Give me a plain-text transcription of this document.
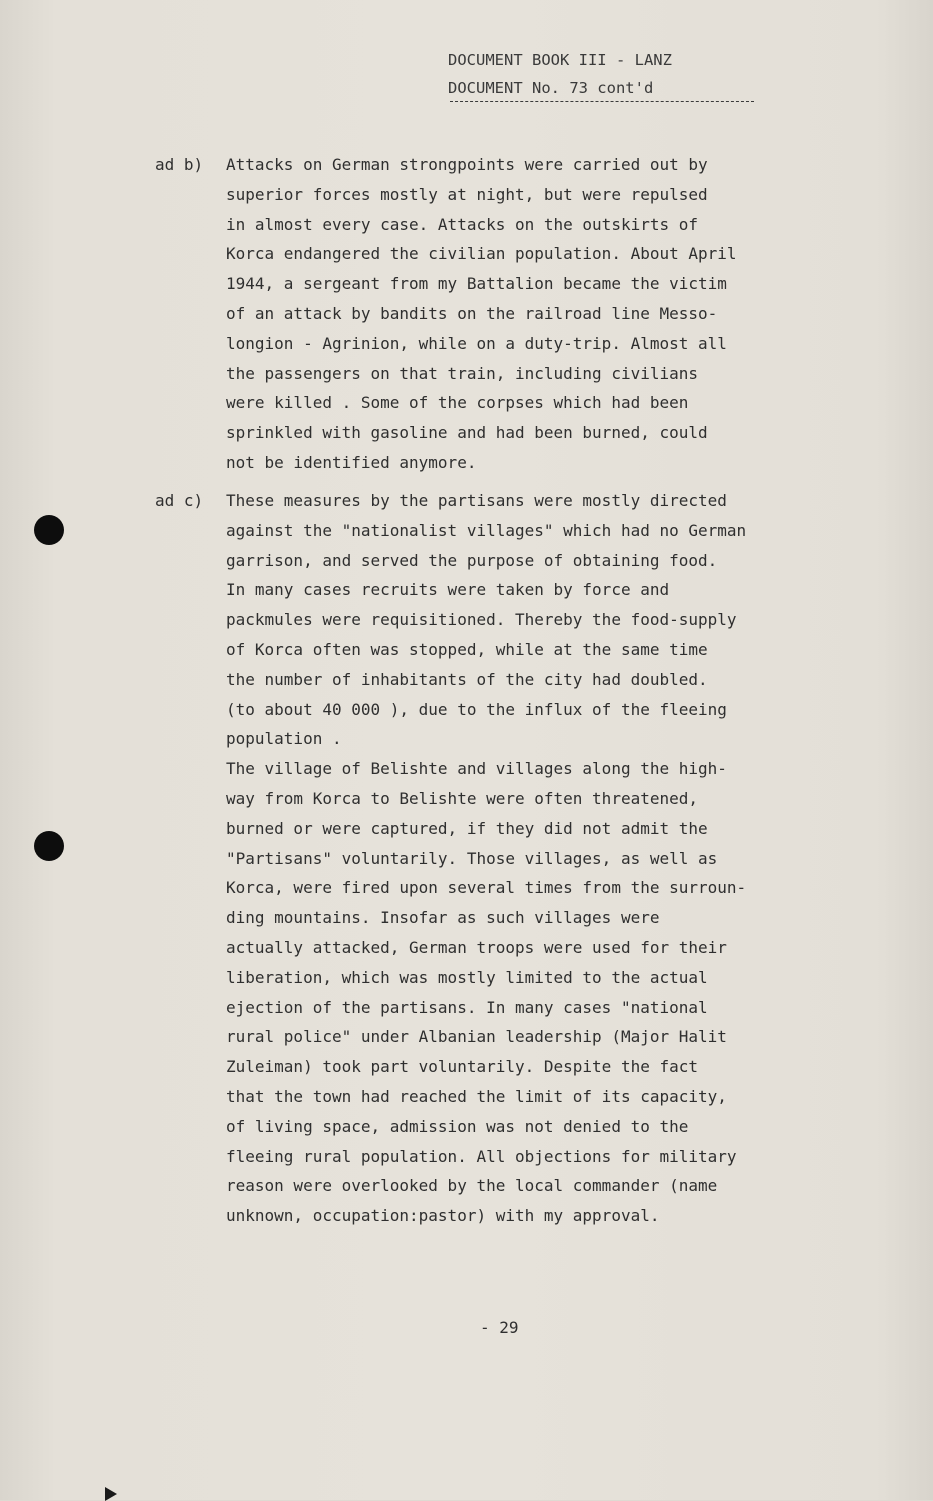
DOCUMENT BOOK III - LANZ
DOCUMENT No. 73 cont'd
ad b) Attacks on German strongpoints were carried out by
superior forces mostly at night, but were repulsed
in almost every case. Attacks on the outskirts of
Korca endangered the civilian population. About April
1944, a sergeant from my Battalion became the victim
of an attack by bandits on the railroad line Messo-
longion - Agrinion, while on a duty-trip. Almost all
the passengers on that train, including civilians
were killed . Some of the corpses which had been
sprinkled with gasoline and had been burned, could
not be identified anymore.
ad c) These measures by the partisans were mostly directed
against the "nationalist villages" which had no German
garrison, and served the purpose of obtaining food.
In many cases recruits were taken by force and
packmules were requisitioned. Thereby the food-supply
of Korca often was stopped, while at the same time
the number of inhabitants of the city had doubled.
(to about 40 000 ), due to the influx of the fleeing
population .
The village of Belishte and villages along the high-
way from Korca to Belishte were often threatened,
burned or were captured, if they did not admit the
"Partisans" voluntarily. Those villages, as well as
Korca, were fired upon several times from the surroun-
ding mountains. Insofar as such villages were
actually attacked, German troops were used for their
liberation, which was mostly limited to the actual
ejection of the partisans. In many cases "national
rural police" under Albanian leadership (Major Halit
Zuleiman) took part voluntarily. Despite the fact
that the town had reached the limit of its capacity,
of living space, admission was not denied to the
fleeing rural population. All objections for military
reason were overlooked by the local commander (name
unknown, occupation:pastor) with my approval.
- 29
